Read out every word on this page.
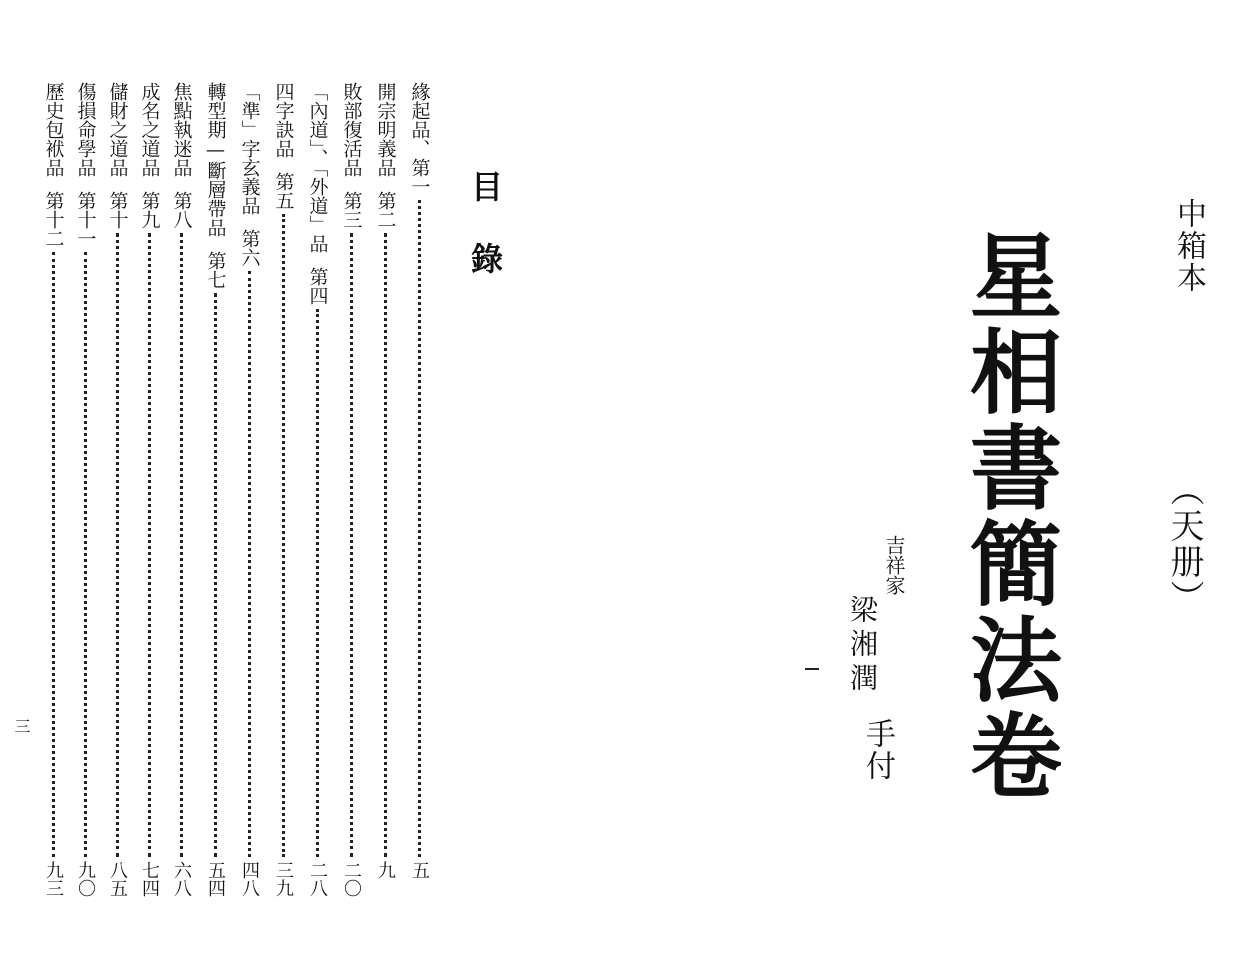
中箱本
（天册）
星相書簡法卷
吉祥家
梁湘潤
手付
目錄
緣起品、第一
五
開宗明義品
第二
九
敗部復活品
第三
二〇
「內道」、「外道」品
第四
二八
四字訣品
第五
三九
「準」字玄義品
第六
四八
轉型期—斷層帶品
第七
五四
焦點執迷品
第八
六八
成名之道品
第九
七四
儲財之道品
第十
八五
傷損命學品
第十一
九〇
歷史包袱品
第十二
九三
三
